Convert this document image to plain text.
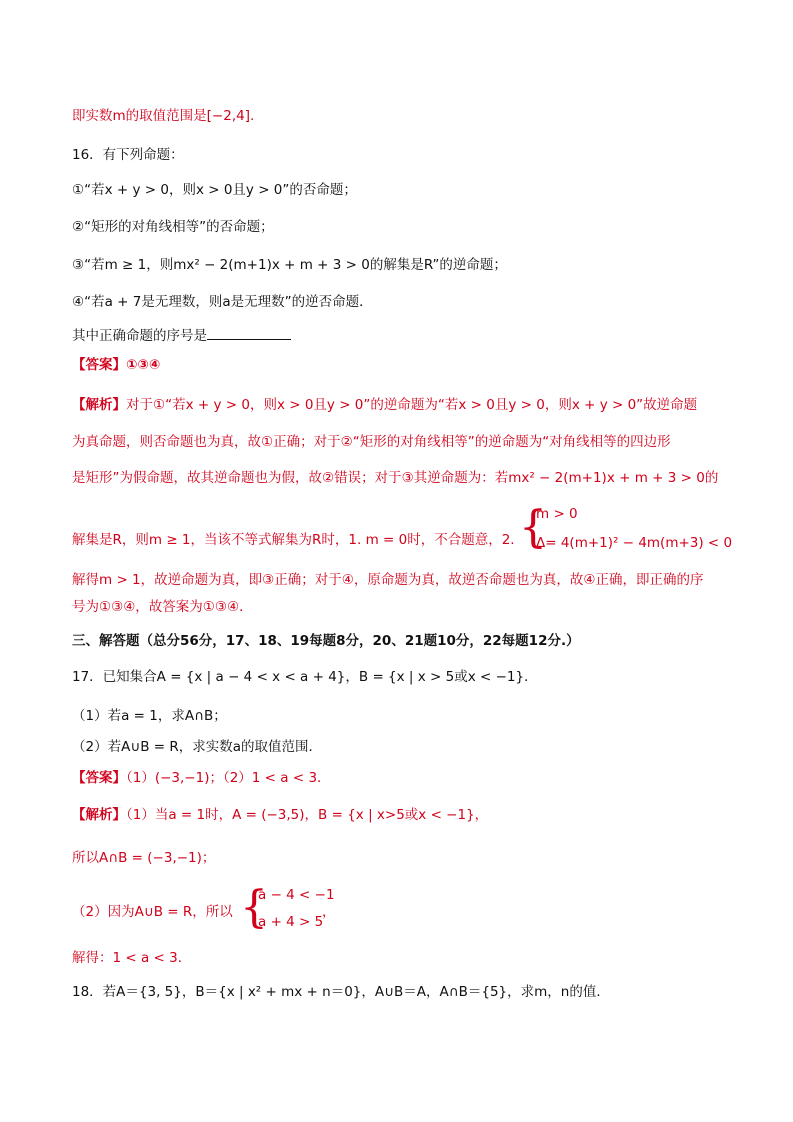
即实数m的取值范围是[−2,4].
16．有下列命题：
①“若x + y > 0，则x > 0且y > 0”的否命题；
②“矩形的对角线相等”的否命题；
③“若m ≥ 1，则mx² − 2(m+1)x + m + 3 > 0的解集是R”的逆命题；
④“若a + 7是无理数，则a是无理数”的逆否命题．
其中正确命题的序号是
【答案】①③④
【解析】对于①“若x + y > 0，则x > 0且y > 0”的逆命题为“若x > 0且y > 0，则x + y > 0”故逆命题
为真命题，则否命题也为真，故①正确；对于②“矩形的对角线相等”的逆命题为“对角线相等的四边形
是矩形”为假命题，故其逆命题也为假，故②错误；对于③其逆命题为：若mx² − 2(m+1)x + m + 3 > 0的
解集是R，则m ≥ 1，当该不等式解集为R时，1. m = 0时，不合题意，2. {
m > 0
Δ= 4(m+1)² − 4m(m+3) < 0
解得m > 1，故逆命题为真，即③正确；对于④，原命题为真，故逆否命题也为真，故④正确，即正确的序
号为①③④，故答案为①③④．
三、解答题（总分56分，17、18、19每题8分，20、21题10分，22每题12分.）
17．已知集合A = {x | a − 4 < x < a + 4}，B = {x | x > 5或x < −1}．
（1）若a = 1，求A∩B；
（2）若A∪B = R，求实数a的取值范围．
【答案】（1）(−3,−1)；（2）1 < a < 3．
【解析】（1）当a = 1时，A = (−3,5)，B = {x | x>5或x < −1}，
所以A∩B = (−3,−1)；
（2）因为A∪B = R，所以 {
a − 4 < −1
a + 4 > 5
，
解得：1 < a < 3．
18．若A＝{3, 5}，B＝{x | x² + mx + n＝0}，A∪B＝A，A∩B＝{5}，求m，n的值．
